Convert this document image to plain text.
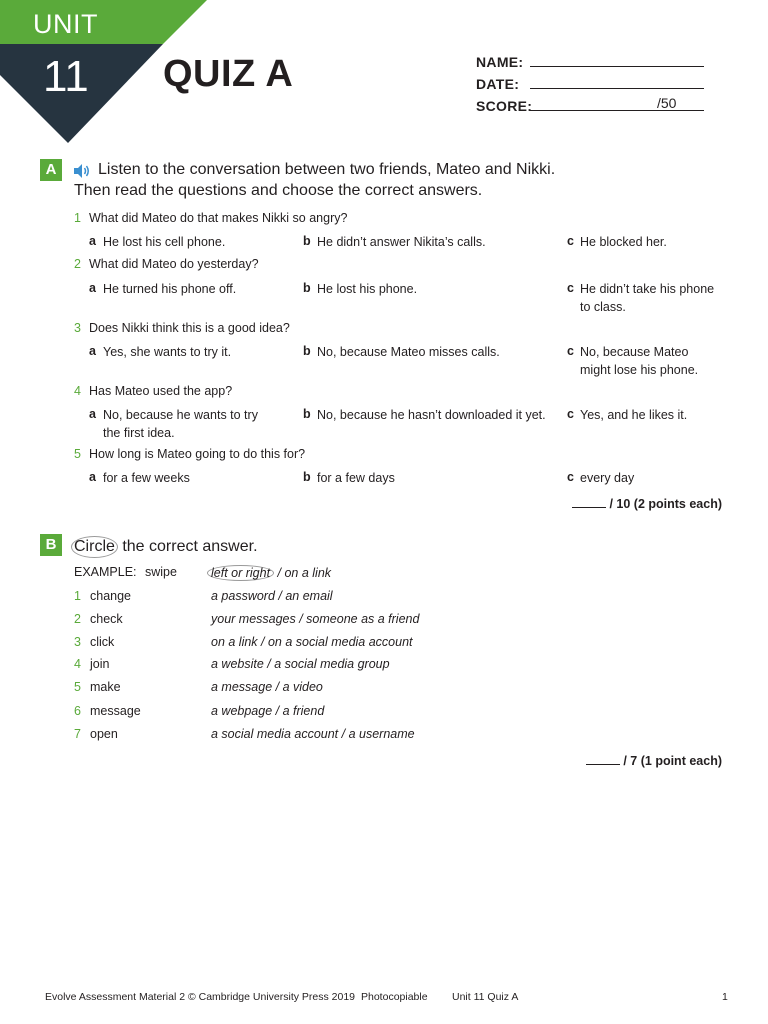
UNIT
11 QUIZ A	NAME:
DATE:
SCORE:	/50
A	Listen to the conversation between two friends, Mateo and Nikki.
Then read the questions and choose the correct answers.
1 What did Mateo do that makes Nikki so angry?
a He lost his cell phone.	b He didn’t answer Nikita’s calls.	c He blocked her.
2 What did Mateo do yesterday?
a He turned his phone off.	b He lost his phone.	c He didn’t take his phone
to class.
3 Does Nikki think this is a good idea?
a Yes, she wants to try it.	b No, because Mateo misses calls.	c No, because Mateo
might lose his phone.
4 Has Mateo used the app?
a No, because he wants to try
the first idea.
b No, because he hasn’t downloaded it yet. c Yes, and he likes it.
5 How long is Mateo going to do this for?
a for a few weeks	b for a few days	c every day
/ 10 (2 points each)
B	Circle the correct answer.
EXAMPLE: swipe	left or right / on a link
1 change	a password / an email
2 check	your messages / someone as a friend
3 click	on a link / on a social media account
4 join	a website / a social media group
5 make	a message / a video
6 message	a webpage / a friend
7 open	a social media account / a username
/ 7 (1 point each)
Evolve Assessment Material 2 © Cambridge University Press 2019 Photocopiable Unit 11 Quiz A	1
